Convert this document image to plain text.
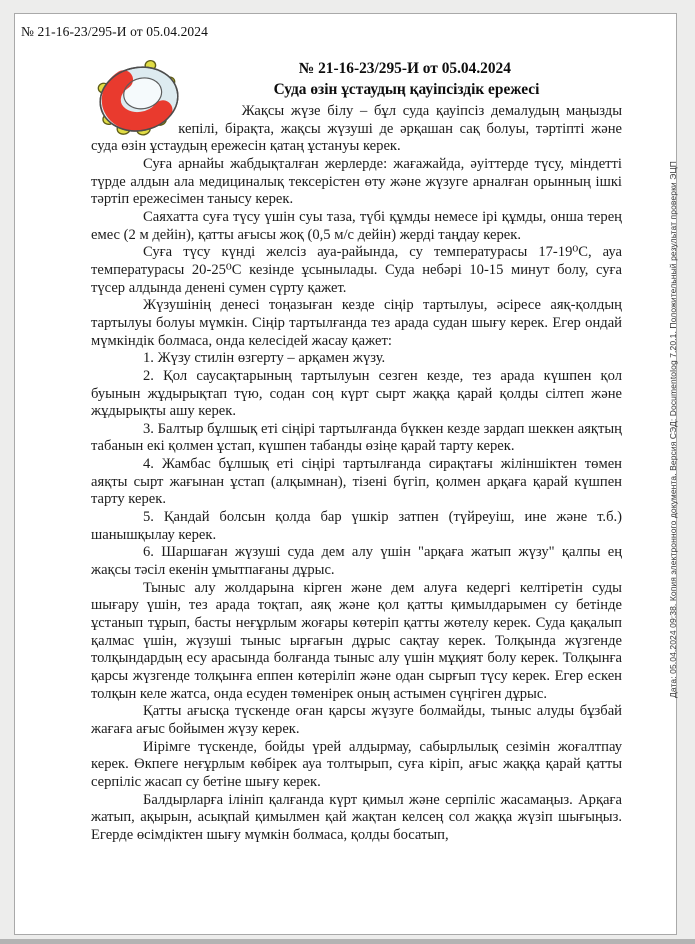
№ 21-16-23/295-И от 05.04.2024
№ 21-16-23/295-И от 05.04.2024
Суда өзін ұстаудың қауіпсіздік ережесі

Жақсы жүзе білу – бұл суда қауіпсіз демалудың маңызды кепілі, бірақта, жақсы жүзуші де әрқашан сақ болуы, тәртіпті және суда өзін ұстаудың ережесін қатаң ұстануы керек.

Суға арнайы жабдықталған жерлерде: жағажайда, әуіттерде түсу, міндетті түрде алдын ала медициналық тексерістен өту және жүзуге арналған орынның ішкі тәртіп ережесімен танысу керек.

Саяхатта суға түсу үшін суы таза, түбі құмды немесе ірі құмды, онша терең емес (2 м дейін), қатты ағысы жоқ (0,5 м/с дейін) жерді таңдау керек.

Суға түсу күнді желсіз ауа-райында, су температурасы 17-19⁰С, ауа температурасы 20-25⁰С кезінде ұсынылады. Суда небәрі 10-15 минут болу, суға түсер алдында денені сумен сүрту қажет.

Жүзушінің денесі тоңазыған кезде сіңір тартылуы, әсіресе аяқ-қолдың тартылуы болуы мүмкін. Сіңір тартылғанда тез арада судан шығу керек. Егер ондай мүмкіндік болмаса, онда келесідей жасау қажет:

1. Жүзу стилін өзгерту – арқамен жүзу.

2. Қол саусақтарының тартылуын сезген кезде, тез арада күшпен қол буынын жұдырықтап түю, содан соң күрт сырт жаққа қарай қолды сілтеп және жұдырықты ашу керек.

3. Балтыр бұлшық еті сіңірі тартылғанда бүккен кезде зардап шеккен аяқтың табанын екі қолмен ұстап, күшпен табанды өзіңе қарай тарту керек.

4. Жамбас бұлшық еті сіңірі тартылғанда сирақтағы жіліншіктен төмен аяқты сырт жағынан ұстап (алқымнан), тізені бүгіп, қолмен арқаға қарай күшпен тарту керек.

5. Қандай болсын қолда бар үшкір затпен (түйреуіш, ине және т.б.) шанышқылау керек.

6. Шаршаған жүзуші суда дем алу үшін "арқаға жатып жүзу" қалпы ең жақсы тәсіл екенін ұмытпағаны дұрыс.

Тыныс алу жолдарына кірген және дем алуға кедергі келтіретін суды шығару үшін, тез арада тоқтап, аяқ және қол қатты қимылдарымен су бетінде ұстанып тұрып, басты неғұрлым жоғары көтеріп қатты жөтелу керек. Суда қақалып қалмас үшін, жүзуші тыныс ырғағын дұрыс сақтау керек. Толқында жүзгенде толқындардың есу арасында болғанда тыныс алу үшін мұқият болу керек. Толқынға қарсы жүзгенде толқынға еппен көтеріліп және одан сырғып түсу керек. Егер ескен толқын келе жатса, онда есуден төменірек оның астымен сүңгіген дұрыс.

Қатты ағысқа түскенде оған қарсы жүзуге болмайды, тыныс алуды бұзбай жағаға ағыс бойымен жүзу керек.

Иірімге түскенде, бойды үрей алдырмау, сабырлылық сезімін жоғалтпау керек. Өкпеге неғұрлым көбірек ауа толтырып, суға кіріп, ағыс жаққа қарай қатты серпіліс жасап су бетіне шығу керек.

Балдырларға ілініп қалғанда күрт қимыл және серпіліс жасамаңыз. Арқаға жатып, ақырын, асықпай қимылмен қай жақтан келсең сол жаққа жүзіп шығыңыз. Егерде өсімдіктен шығу мүмкін болмаса, қолды босатып,

Дата: 05.04.2024 09:38. Копия электронного документа. Версия СЭД: Documentolog 7.20.1. Положительный результат проверки ЭЦП
